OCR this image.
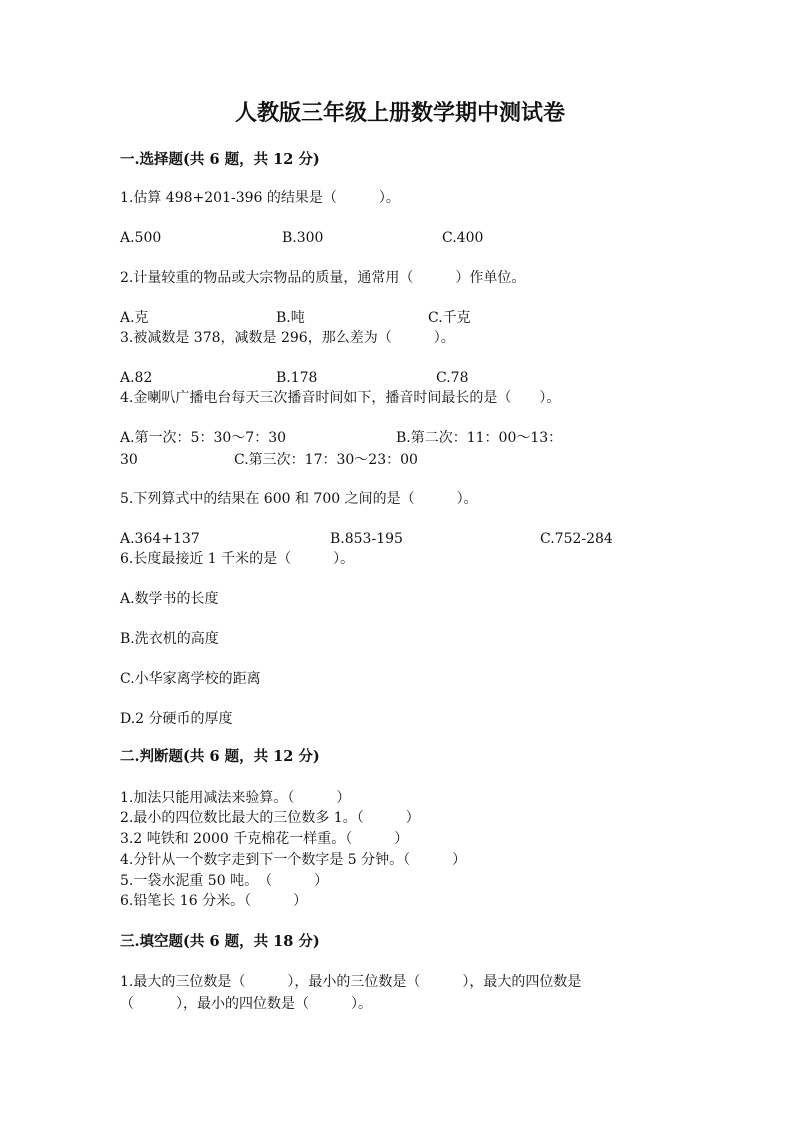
人教版三年级上册数学期中测试卷
一.选择题(共 6 题，共 12 分)
1.估算 498+201-396 的结果是（　　　）。
A.500	B.300	C.400
2.计量较重的物品或大宗物品的质量，通常用（　　　）作单位。
A.克	B.吨	C.千克
3.被减数是 378，减数是 296，那么差为（　　　）。
A.82	B.178	C.78
4.金喇叭广播电台每天三次播音时间如下，播音时间最长的是（　　）。
A.第一次：5：30～7：30	B.第二次：11：00～13：
30	C.第三次：17：30～23：00
5.下列算式中的结果在 600 和 700 之间的是（　　　）。
A.364+137	B.853-195	C.752-284
6.长度最接近 1 千米的是（　　　）。
A.数学书的长度
B.洗衣机的高度
C.小华家离学校的距离
D.2 分硬币的厚度
二.判断题(共 6 题，共 12 分)
1.加法只能用减法来验算。（　　　）
2.最小的四位数比最大的三位数多 1。（　　　）
3.2 吨铁和 2000 千克棉花一样重。（　　　）
4.分针从一个数字走到下一个数字是 5 分钟。（　　　）
5.一袋水泥重 50 吨。　（　　　）
6.铅笔长 16 分米。（　　　）
三.填空题(共 6 题，共 18 分)
1.最大的三位数是（　　　），最小的三位数是（　　　），最大的四位数是
（　　　），最小的四位数是（　　　）。
